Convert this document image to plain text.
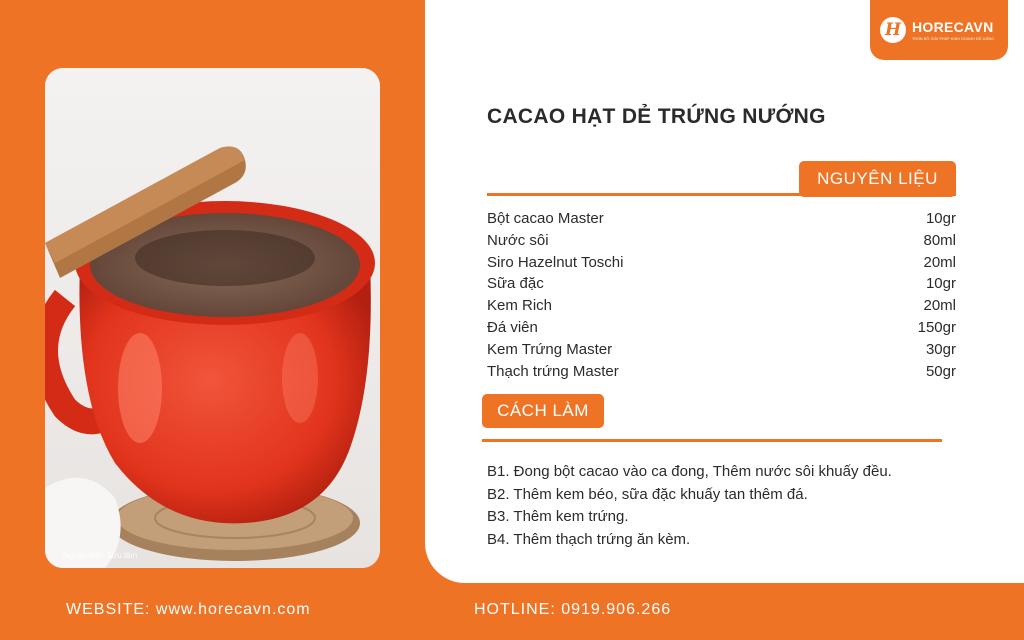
Nguồn ảnh: Sưu tầm
H HORECAVN
TRỌN BỘ GIẢI PHÁP KINH DOANH ĐỒ UỐNG
CACAO HẠT DẺ TRỨNG NƯỚNG
NGUYÊN LIỆU
Bột cacao Master	10gr
Nước sôi	80ml
Siro Hazelnut Toschi	20ml
Sữa đặc	10gr
Kem Rich	20ml
Đá viên	150gr
Kem Trứng Master	30gr
Thạch trứng Master	50gr
CÁCH LÀM
B1. Đong bột cacao vào ca đong, Thêm nước sôi khuấy đều.
B2. Thêm kem béo, sữa đặc khuấy tan thêm đá.
B3. Thêm kem trứng.
B4. Thêm thạch trứng ăn kèm.
WEBSITE: www.horecavn.com	HOTLINE: 0919.906.266
